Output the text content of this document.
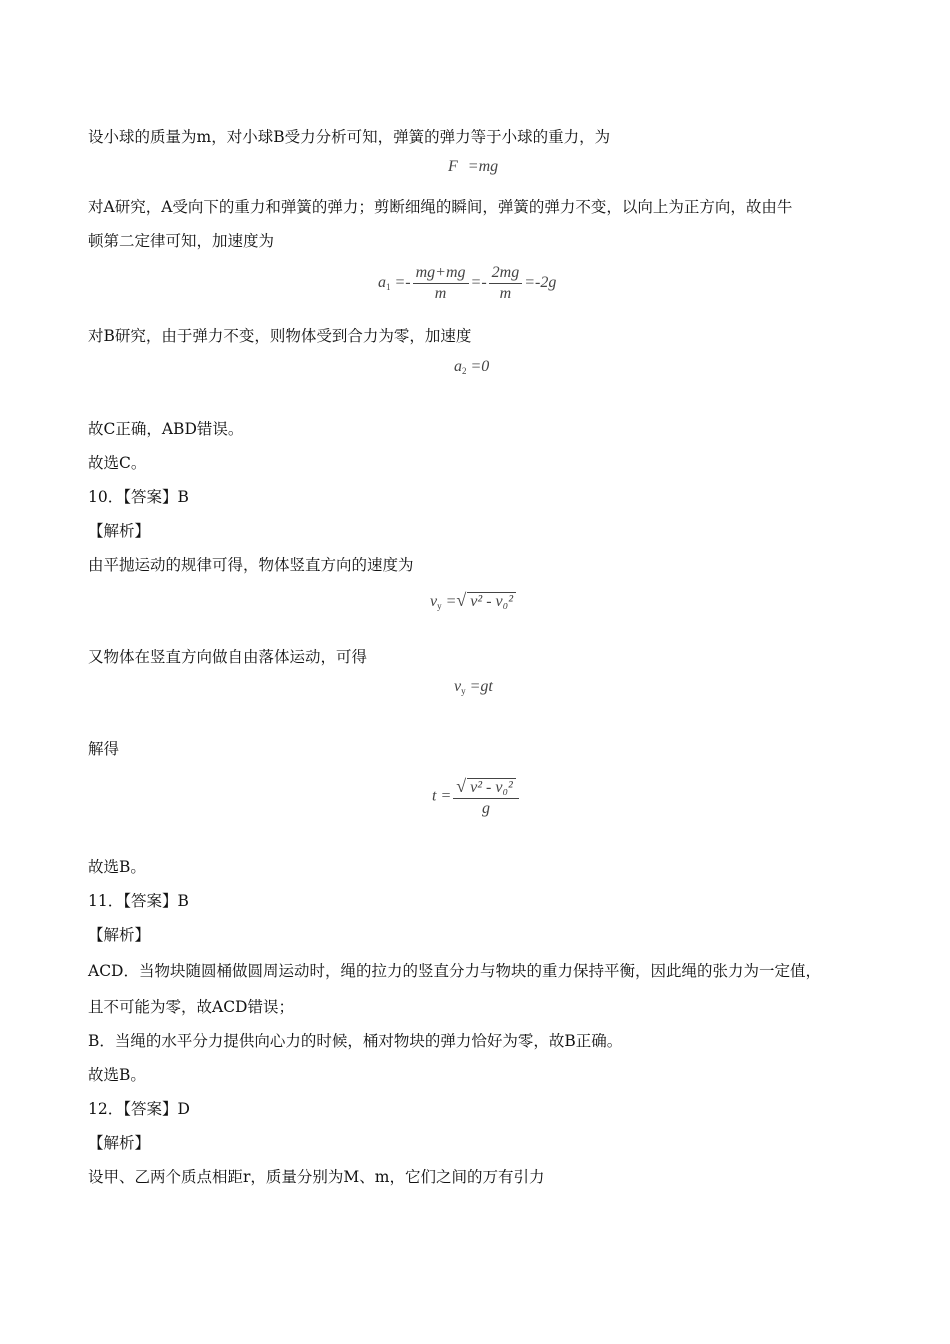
设小球的质量为m，对小球B受力分析可知，弹簧的弹力等于小球的重力，为
F =mg
对A研究，A受向下的重力和弹簧的弹力；剪断细绳的瞬间，弹簧的弹力不变，以向上为正方向，故由牛
顿第二定律可知，加速度为
$a1 =- \frac{mg+mg}{m} =- \frac{2mg}{m} =-2g$
对B研究，由于弹力不变，则物体受到合力为零，加速度
a2 =0
故C正确，ABD错误。
故选C。
10．【答案】B
【解析】
由平抛运动的规律可得，物体竖直方向的速度为
vy =√ v² - v₀²
又物体在竖直方向做自由落体运动，可得
vy =gt
解得
$t = \frac{\text{√ v² - v₀²}}{g}$
故选B。
11．【答案】B
【解析】
ACD．当物块随圆桶做圆周运动时，绳的拉力的竖直分力与物块的重力保持平衡，因此绳的张力为一定值，
且不可能为零，故ACD错误；
B．当绳的水平分力提供向心力的时候，桶对物块的弹力恰好为零，故B正确。
故选B。
12．【答案】D
【解析】
设甲、乙两个质点相距r，质量分别为M、m，它们之间的万有引力
